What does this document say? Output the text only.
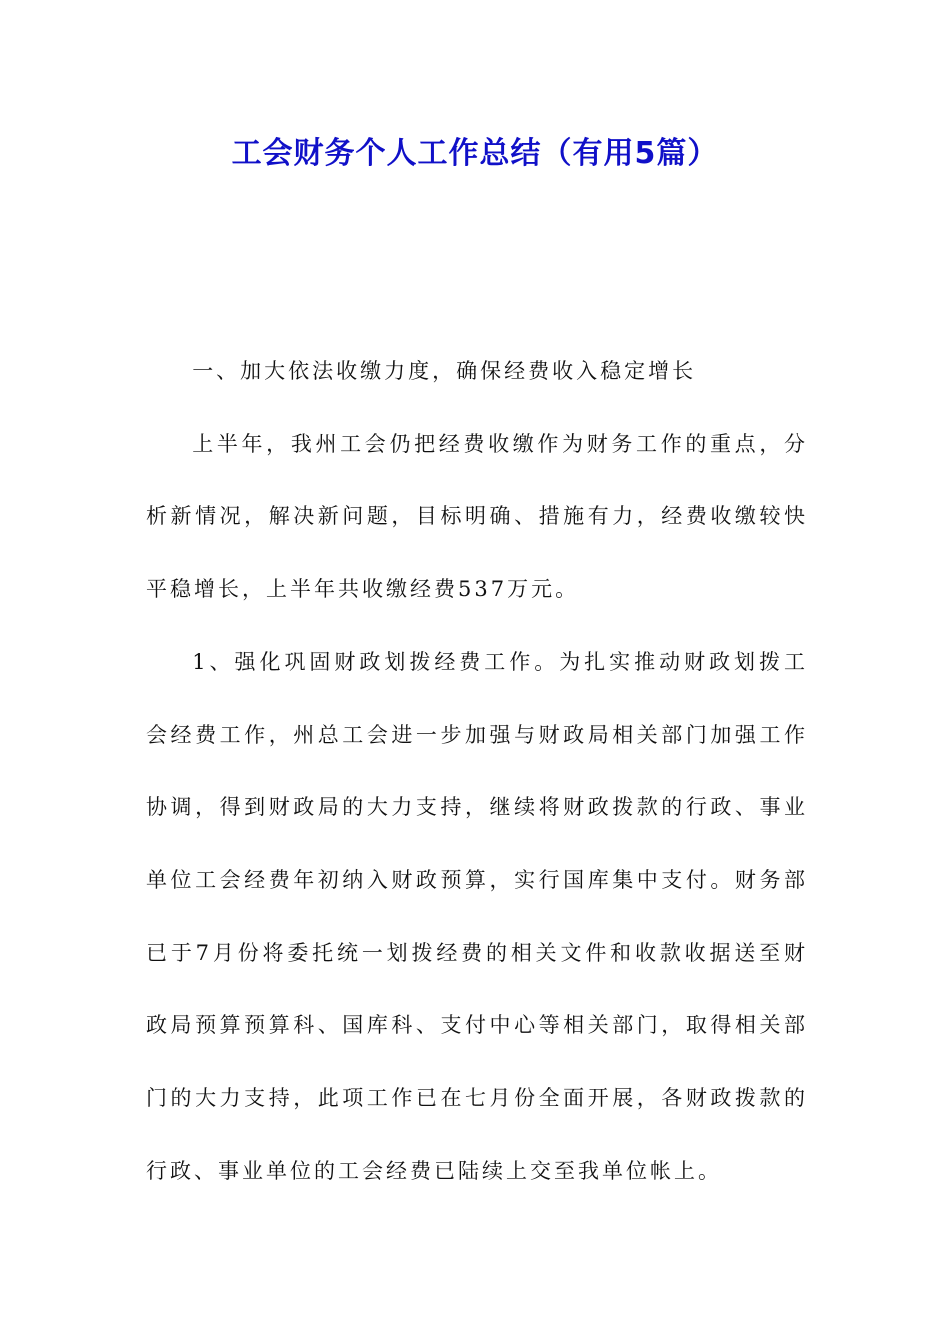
工会财务个人工作总结（有用5篇）

一、加大依法收缴力度，确保经费收入稳定增长

上半年，我州工会仍把经费收缴作为财务工作的重点，分析新情况，解决新问题，目标明确、措施有力，经费收缴较快平稳增长，上半年共收缴经费537万元。

1、强化巩固财政划拨经费工作。为扎实推动财政划拨工会经费工作，州总工会进一步加强与财政局相关部门加强工作协调，得到财政局的大力支持，继续将财政拨款的行政、事业单位工会经费年初纳入财政预算，实行国库集中支付。财务部已于7月份将委托统一划拨经费的相关文件和收款收据送至财政局预算预算科、国库科、支付中心等相关部门，取得相关部门的大力支持，此项工作已在七月份全面开展，各财政拨款的行政、事业单位的工会经费已陆续上交至我单位帐上。
